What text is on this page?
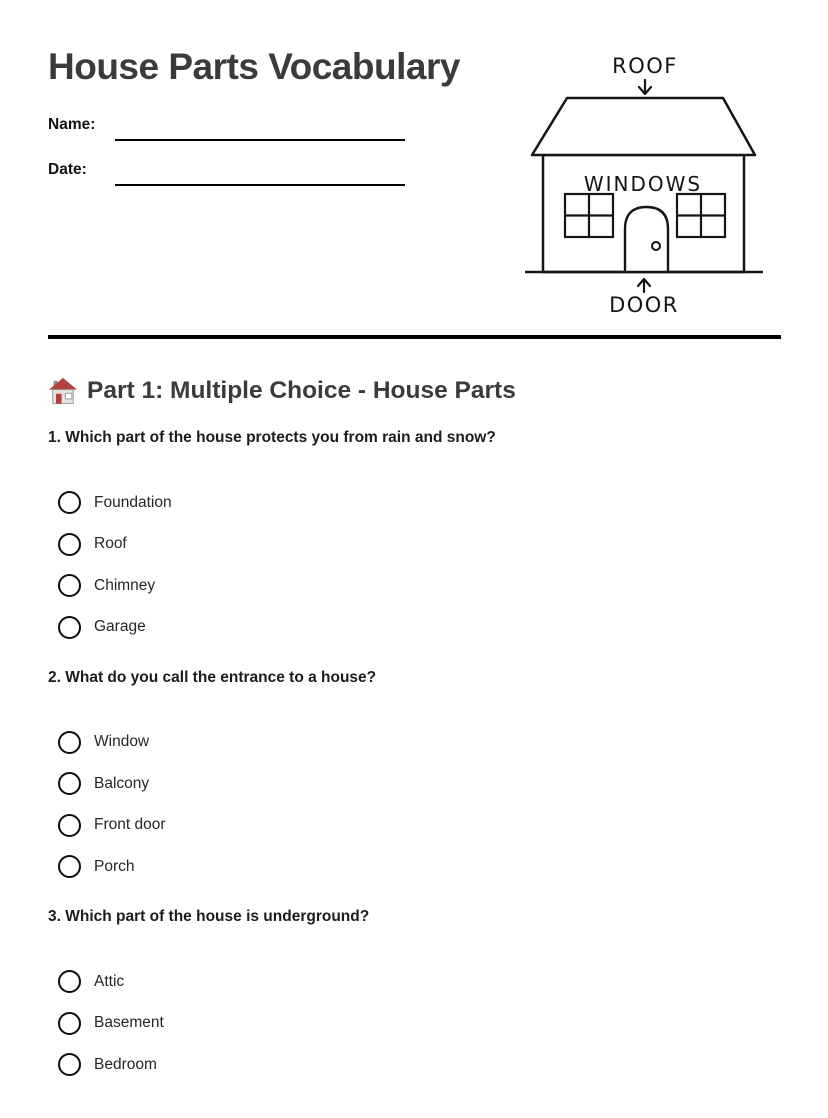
House Parts Vocabulary
Name:
Date:
ROOF
WINDOWS
DOOR
Part 1: Multiple Choice - House Parts

1. Which part of the house protects you from rain and snow?

Foundation
Roof
Chimney
Garage

2. What do you call the entrance to a house?

Window
Balcony
Front door
Porch

3. Which part of the house is underground?

Attic
Basement
Bedroom
